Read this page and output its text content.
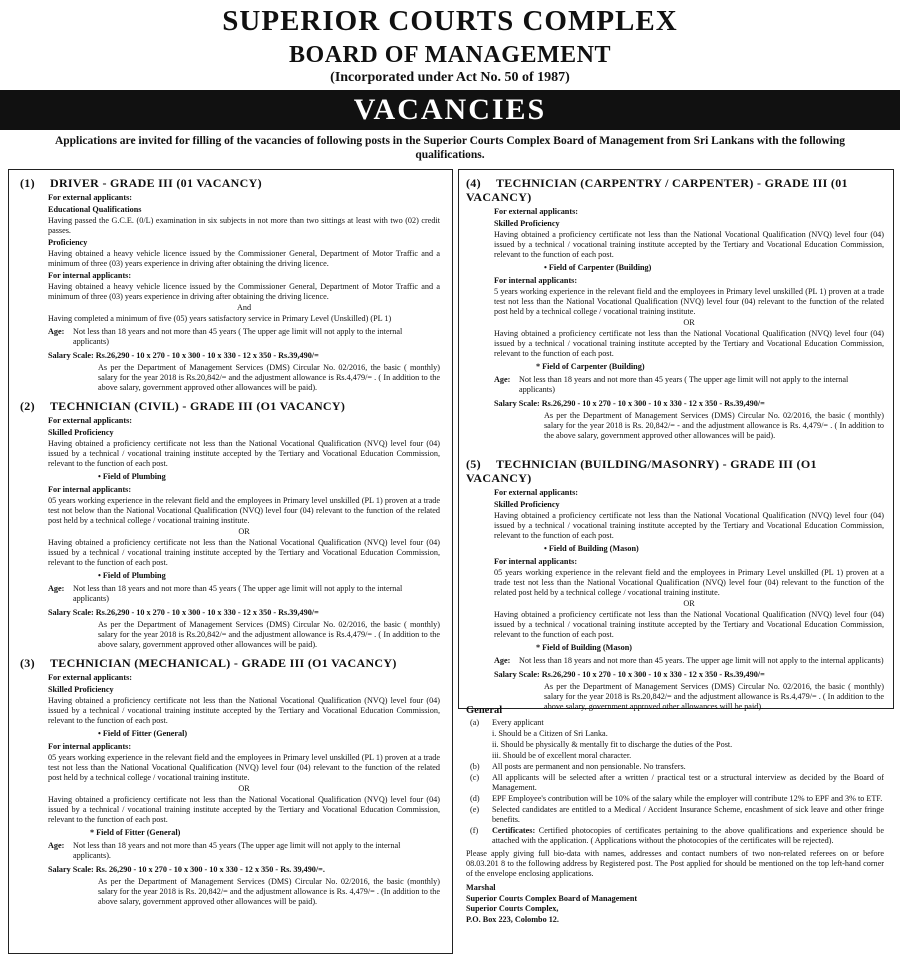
SUPERIOR COURTS COMPLEX
BOARD OF MANAGEMENT
(Incorporated under Act No. 50 of 1987)
VACANCIES
Applications are invited for filling of the vacancies of following posts in the Superior Courts Complex Board of Management from Sri Lankans with the following qualifications.
(1) DRIVER - GRADE III (01 VACANCY)
For external applicants:
Educational Qualifications
Having passed the G.C.E. (0/L) examination in six subjects in not more than two sittings at least with two (02) credit passes.
Proficiency
Having obtained a heavy vehicle licence issued by the Commissioner General, Department of Motor Traffic and a minimum of three (03) years experience in driving after obtaining the driving licence.
For internal applicants:
Having obtained a heavy vehicle licence issued by the Commissioner General, Department of Motor Traffic and a minimum of three (03) years experience in driving after obtaining the driving licence.
And
Having completed a minimum of five (05) years satisfactory service in Primary Level (Unskilled) (PL 1)
Age:	Not less than 18 years and not more than 45 years ( The upper age limit will not apply to the internal applicants)
Salary Scale: Rs.26,290 - 10 x 270 - 10 x 300 - 10 x 330 - 12 x 350 - Rs.39,490/=
As per the Department of Management Services (DMS) Circular No. 02/2016, the basic ( monthly) salary for the year 2018 is Rs.20,842/= and the adjustment allowance is Rs.4,479/= . ( In addition to the above salary, government approved other allowances will be paid).
(2) TECHNICIAN (CIVIL) - GRADE III (O1 VACANCY)
For external applicants:
Skilled Proficiency
Having obtained a proficiency certificate not less than the National Vocational Qualification (NVQ) level four (04) issued by a technical / vocational training institute accepted by the Tertiary and Vocational Education Commission, relevant to the function of each post.
• Field of Plumbing
For internal applicants:
05 years working experience in the relevant field and the employees in Primary level unskilled (PL 1) proven at a trade test not below than the National Vocational Qualification (NVQ) level four (04) relevant to the function of the related post held by a technical college / vocational training institute.
OR
Having obtained a proficiency certificate not less than the National Vocational Qualification (NVQ) level four (04) issued by a technical / vocational training institute accepted by the Tertiary and Vocational Education Commission, relevant to the function of each post.
• Field of Plumbing
Age:	Not less than 18 years and not more than 45 years ( The upper age limit will not apply to the internal applicants)
Salary Scale: Rs.26,290 - 10 x 270 - 10 x 300 - 10 x 330 - 12 x 350 - Rs.39,490/=
As per the Department of Management Services (DMS) Circular No. 02/2016, the basic ( monthly) salary for the year 2018 is Rs.20,842/= and the adjustment allowance is Rs.4,479/= . ( In addition to the above salary, government approved other allowances will be paid).
(3) TECHNICIAN (MECHANICAL) - GRADE III (O1 VACANCY)
For external applicants:
Skilled Proficiency
Having obtained a proficiency certificate not less than the National Vocational Qualification (NVQ) level four (04) issued by a technical / vocational training institute accepted by the Tertiary and Vocational Education Commission, relevant to the function of each post.
• Field of Fitter (General)
For internal applicants:
05 years working experience in the relevant field and the employees in Primary level unskilled (PL 1) proven at a trade test not less than the National Vocational Qualification (NVQ) level four (04) relevant to the function of the related post held by a technical college / vocational training institute.
OR
Having obtained a proficiency certificate not less than the National Vocational Qualification (NVQ) level four (04) issued by a technical / vocational training institute accepted by the Tertiary and Vocational Education Commission, relevant to the function of each post.
* Field of Fitter (General)
Age:	Not less than 18 years and not more than 45 years (The upper age limit will not apply to the internal applicants).
Salary Scale: Rs. 26,290 - 10 x 270 - 10 x 300 - 10 x 330 - 12 x 350 - Rs. 39,490/=.
As per the Department of Management Services (DMS) Circular No. 02/2016, the basic (monthly) salary for the year 2018 is Rs. 20,842/= and the adjustment allowance is Rs. 4,479/= . (In addition to the above salary, government approved other allowances will be paid).
(4) TECHNICIAN (CARPENTRY / CARPENTER) - GRADE III (01 VACANCY)
For external applicants:
Skilled Proficiency
Having obtained a proficiency certificate not less than the National Vocational Qualification (NVQ) level four (04) issued by a technical / vocational training institute accepted by the Tertiary and Vocational Education Commission, relevant to the function of each post.
• Field of Carpenter (Building)
For internal applicants:
5 years working experience in the relevant field and the employees in Primary level unskilled (PL 1) proven at a trade test not less than the National Vocational Qualification (NVQ) level four (04) relevant to the function of the related post held by a technical college / vocational training institute.
OR
Having obtained a proficiency certificate not less than the National Vocational Qualification (NVQ) level four (04) issued by a technical / vocational training institute accepted by the Tertiary and Vocational Education Commission, relevant to the function of each post.
* Field of Carpenter (Building)
Age:	Not less than 18 years and not more than 45 years ( The upper age limit will not apply to the internal applicants)
Salary Scale: Rs.26,290 - 10 x 270 - 10 x 300 - 10 x 330 - 12 x 350 - Rs.39,490/=
As per the Department of Management Services (DMS) Circular No. 02/2016, the basic ( monthly) salary for the year 2018 is Rs. 20,842/= - and the adjustment allowance is Rs. 4,479/= . ( In addition to the above salary, government approved other allowances will be paid).
(5) TECHNICIAN (BUILDING/MASONRY) - GRADE III (O1 VACANCY)
For external applicants:
Skilled Proficiency
Having obtained a proficiency certificate not less than the National Vocational Qualification (NVQ) level four (04) issued by a technical / vocational training institute accepted by the Tertiary and Vocational Education Commission, relevant to the function of each post.
• Field of Building (Mason)
For internal applicants:
05 years working experience in the relevant field and the employees in Primary Level unskilled (PL 1) proven at a trade test not less than the National Vocational Qualification (NVQ) level four (04) relevant to the function of the related post held by a technical college / vocational training institute.
OR
Having obtained a proficiency certificate not less than the National Vocational Qualification (NVQ) level four (04) issued by a technical / vocational training institute accepted by the Tertiary and Vocational Education Commission, relevant to the function of each post.
* Field of Building (Mason)
Age:	Not less than 18 years and not more than 45 years. The upper age limit will not apply to the internal applicants)
Salary Scale: Rs.26,290 - 10 x 270 - 10 x 300 - 10 x 330 - 12 x 350 - Rs.39,490/=
As per the Department of Management Services (DMS) Circular No. 02/2016, the basic ( monthly) salary for the year 2018 is Rs.20,842/= and the adjustment allowance is Rs.4,479/= . ( In addition to the above salary, government approved other allowances will be paid).
General
(a)	Every applicant
i. Should be a Citizen of Sri Lanka.
ii. Should be physically & mentally fit to discharge the duties of the Post.
iii. Should be of excellent moral character.
(b)	All posts are permanent and non pensionable. No transfers.
(c)	All applicants will be selected after a written / practical test or a structural interview as decided by the Board of Management.
(d)	EPF Employee's contribution will be 10% of the salary while the employer will contribute 12% to EPF and 3% to ETF.
(e)	Selected candidates are entitled to a Medical / Accident Insurance Scheme, encashment of sick leave and other fringe benefits.
(f)	Certificates: Certified photocopies of certificates pertaining to the above qualifications and experience should be attached with the application. ( Applications without the photocopies of the certificates will be rejected).
Please apply giving full bio-data with names, addresses and contact numbers of two non-related referees on or before 08.03.201 8 to the following address by Registered post. The Post applied for should be mentioned on the top left-hand corner of the envelope enclosing applications.
Marshal
Superior Courts Complex Board of Management
Superior Courts Complex,
P.O. Box 223, Colombo 12.
